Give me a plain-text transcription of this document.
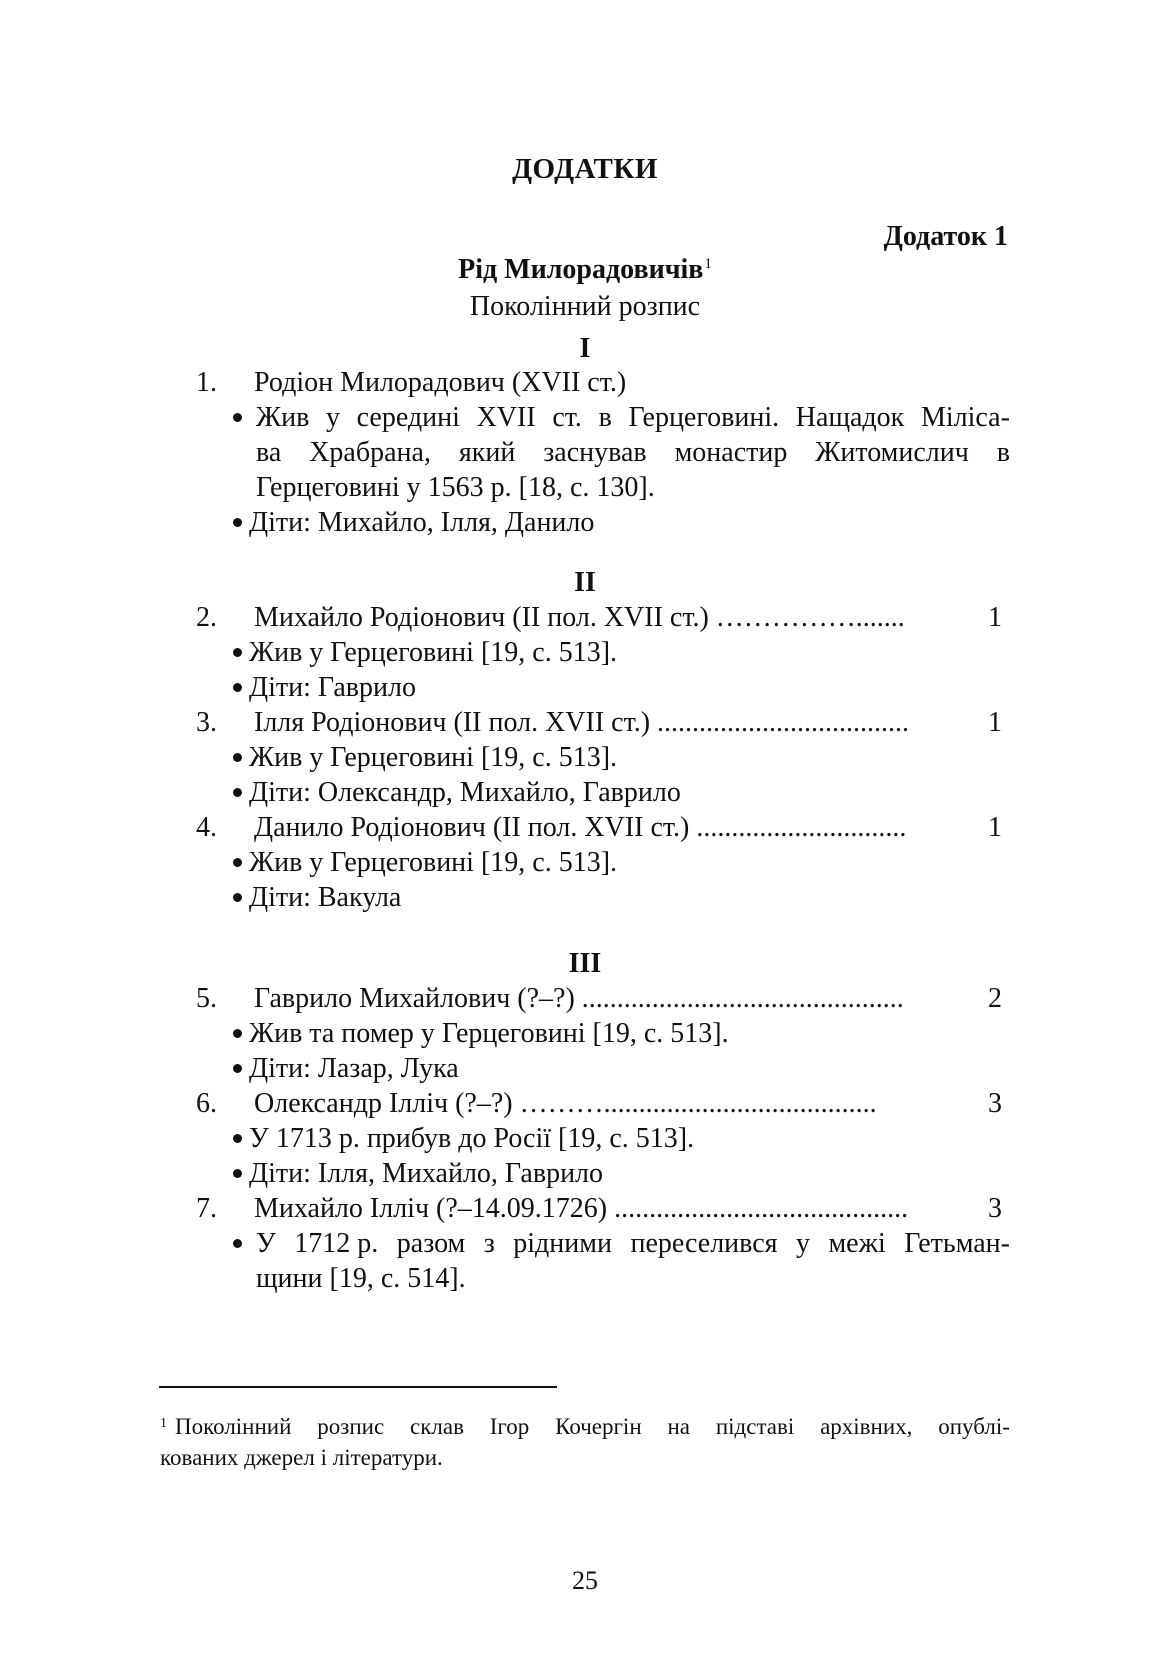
ДОДАТКИ
Додаток 1
Рід Милорадовичів$^1$
Поколінний розпис
I
1. Родіон Милорадович (XVII ст.)
Жив у середині XVII ст. в Герцеговині. Нащадок Мілiса-
ва Храбрана, який заснував монастир Житомислич в
Герцеговині у 1563 р. [18, с. 130].
Діти: Михайло, Ілля, Данило
II
2. Михайло Родіонович (II пол. XVII ст.) …………….......	1
Жив у Герцеговині [19, с. 513].
Діти: Гаврило
3. Ілля Родіонович (II пол. XVII ст.) ....................................	1
Жив у Герцеговині [19, с. 513].
Діти: Олександр, Михайло, Гаврило
4. Данило Родіонович (II пол. XVII ст.) ..............................	1
Жив у Герцеговині [19, с. 513].
Діти: Вакула
III
5. Гаврило Михайлович (?–?) ..............................................	2
Жив та помер у Герцеговині [19, с. 513].
Діти: Лазар, Лука
6. Олександр Ілліч (?–?) ……….......................................	3
У 1713 р. прибув до Росії [19, с. 513].
Діти: Ілля, Михайло, Гаврило
7. Михайло Ілліч (?–14.09.1726) ..........................................	3
У 1712 р. разом з рідними переселився у межі Гетьман-
щини [19, с. 514].
$^1$ Поколінний розпис склав Ігор Кочергін на підставі архівних, опублі-
кованих джерел і літератури.
25
